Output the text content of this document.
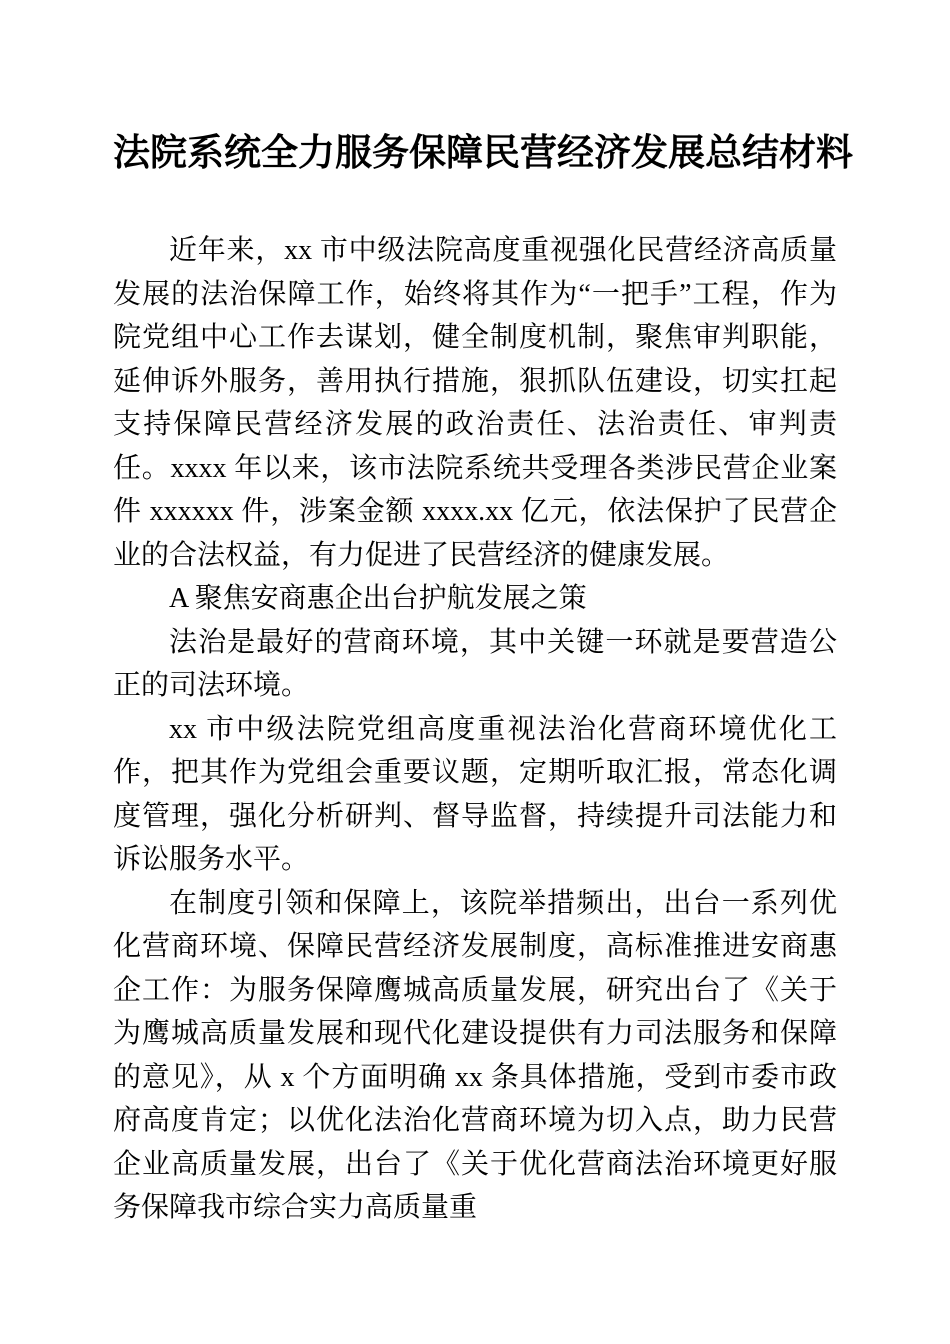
法院系统全力服务保障民营经济发展总结材料

近年来，xx 市中级法院高度重视强化民营经济高质量发展的法治保障工作，始终将其作为“一把手”工程，作为院党组中心工作去谋划，健全制度机制，聚焦审判职能，延伸诉外服务，善用执行措施，狠抓队伍建设，切实扛起支持保障民营经济发展的政治责任、法治责任、审判责任。xxxx 年以来，该市法院系统共受理各类涉民营企业案件 xxxxxx 件，涉案金额 xxxx.xx 亿元，依法保护了民营企业的合法权益，有力促进了民营经济的健康发展。

A 聚焦安商惠企出台护航发展之策

法治是最好的营商环境，其中关键一环就是要营造公正的司法环境。

xx 市中级法院党组高度重视法治化营商环境优化工作，把其作为党组会重要议题，定期听取汇报，常态化调度管理，强化分析研判、督导监督，持续提升司法能力和诉讼服务水平。

在制度引领和保障上，该院举措频出，出台一系列优化营商环境、保障民营经济发展制度，高标准推进安商惠企工作：为服务保障鹰城高质量发展，研究出台了《关于为鹰城高质量发展和现代化建设提供有力司法服务和保障的意见》，从 x 个方面明确 xx 条具体措施，受到市委市政府高度肯定；以优化法治化营商环境为切入点，助力民营企业高质量发展，出台了《关于优化营商法治环境更好服务保障我市综合实力高质量重
